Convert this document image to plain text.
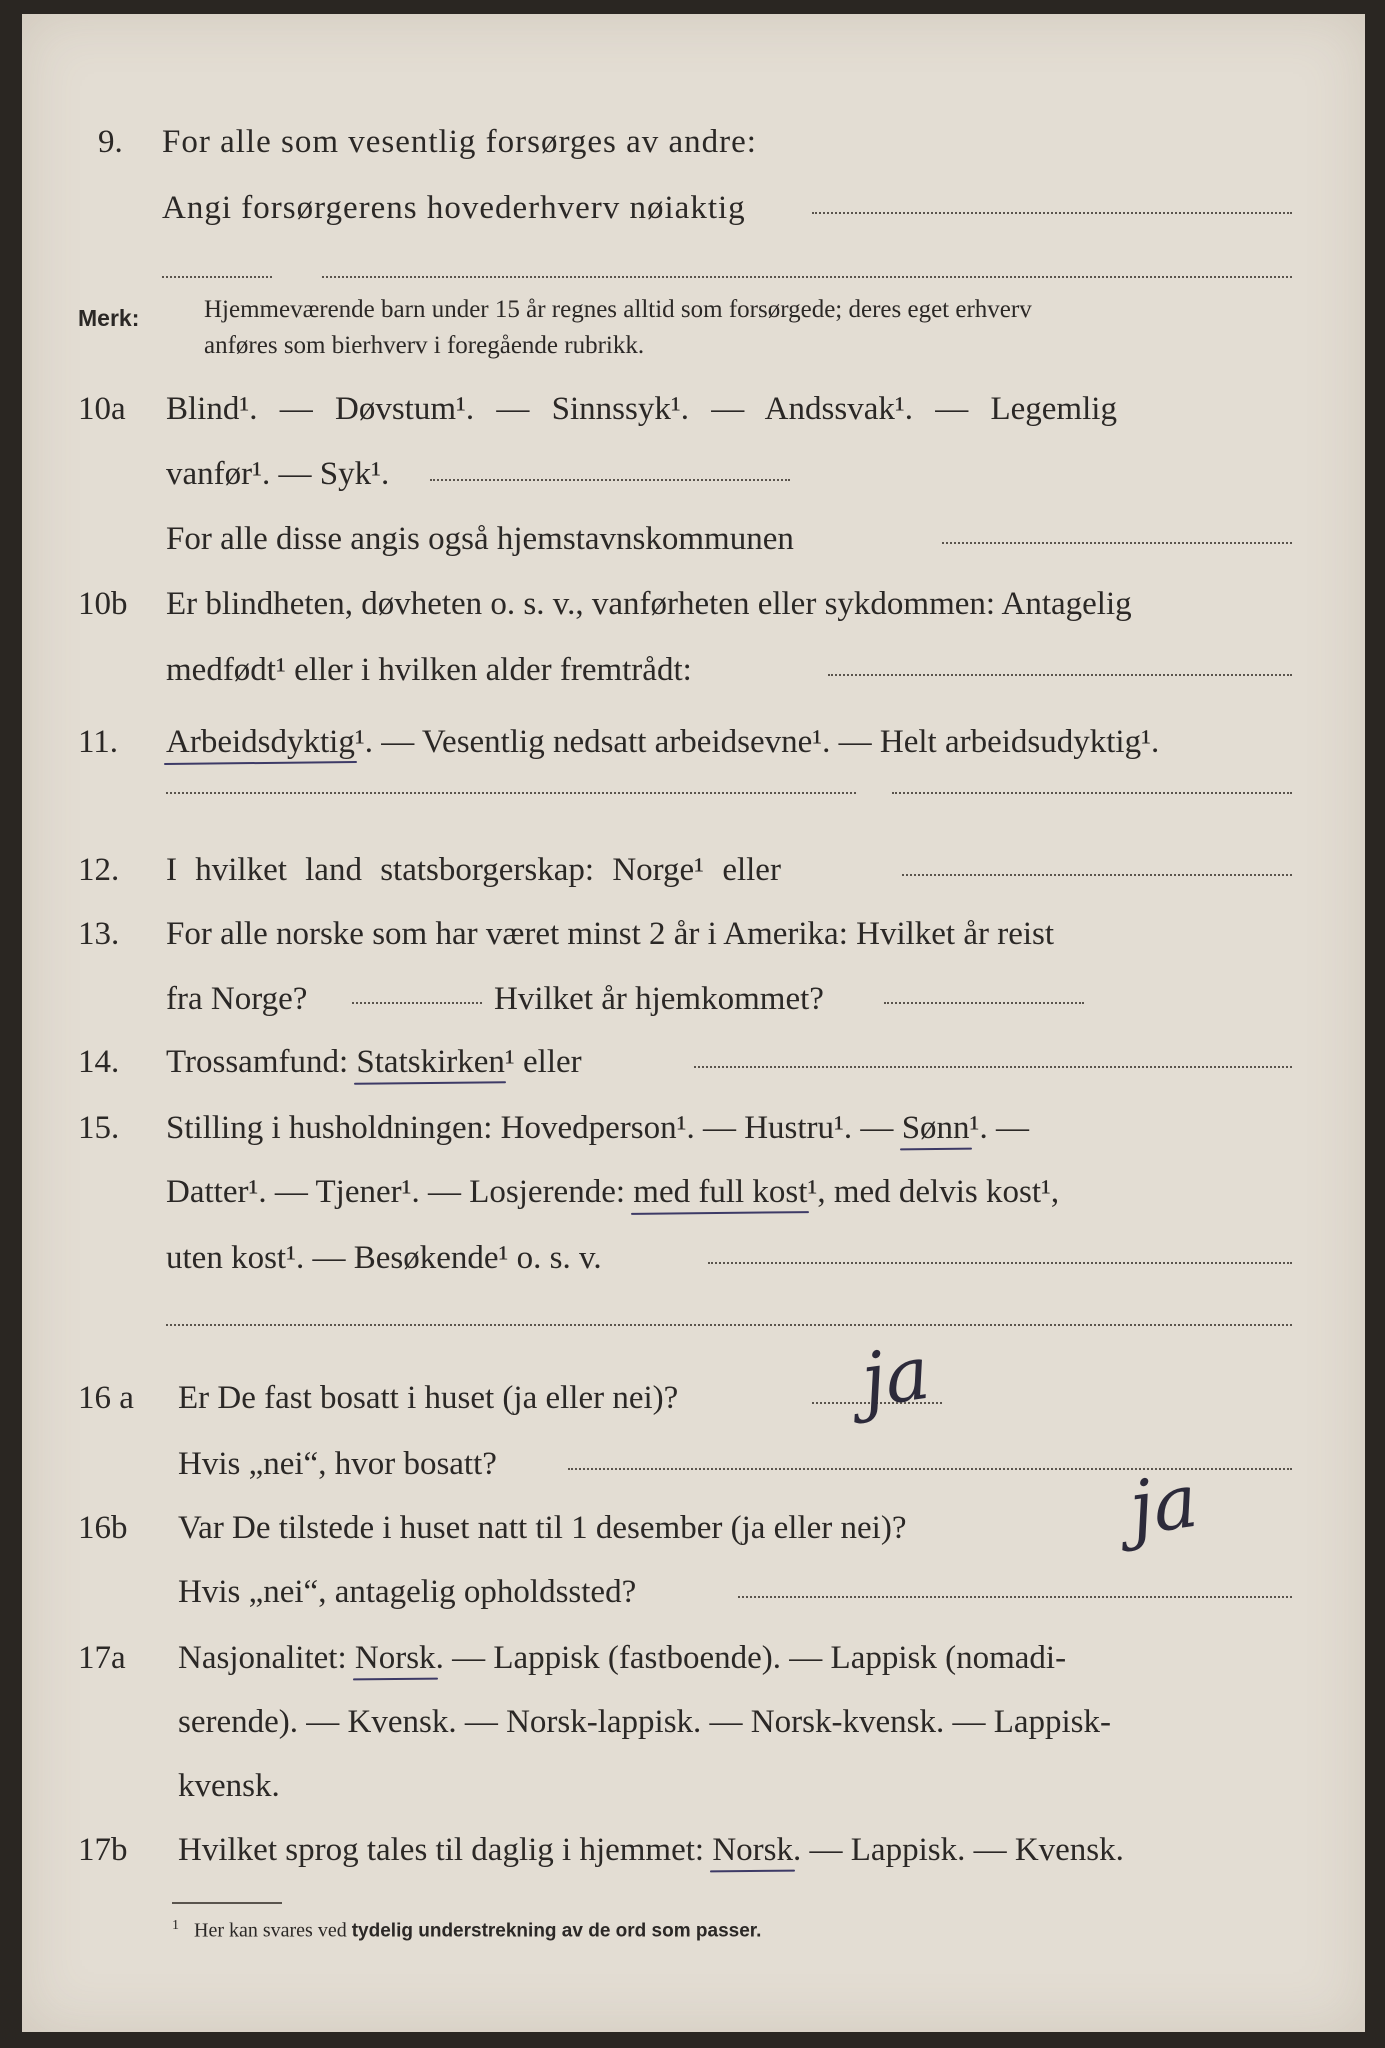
9. For alle som vesentlig forsørges av andre:
Angi forsørgerens hovederhverv nøiaktig
Merk:	Hjemmeværende barn under 15 år regnes alltid som forsørgede; deres eget erhverv
anføres som bierhverv i foregående rubrikk.
10a Blind¹. — Døvstum¹. — Sinnssyk¹. — Andssvak¹. — Legemlig
vanfør¹. — Syk¹.
For alle disse angis også hjemstavnskommunen
10b Er blindheten, døvheten o. s. v., vanførheten eller sykdommen: Antagelig
medfødt¹ eller i hvilken alder fremtrådt:
11. Arbeidsdyktig¹. — Vesentlig nedsatt arbeidsevne¹. — Helt arbeidsudyktig¹.
12. I hvilket land statsborgerskap: Norge¹ eller
13. For alle norske som har været minst 2 år i Amerika: Hvilket år reist
fra Norge?	Hvilket år hjemkommet?
14. Trossamfund: Statskirken¹ eller
15. Stilling i husholdningen: Hovedperson¹. — Hustru¹. — Sønn¹. —
Datter¹. — Tjener¹. — Losjerende: med full kost¹, med delvis kost¹,
uten kost¹. — Besøkende¹ o. s. v.
16 a Er De fast bosatt i huset (ja eller nei)? ja
Hvis „nei“, hvor bosatt?
16b Var De tilstede i huset natt til 1 desember (ja eller nei)?	ja
Hvis „nei“, antagelig opholdssted?
17a Nasjonalitet: Norsk. — Lappisk (fastboende). — Lappisk (nomadi-
serende). — Kvensk. — Norsk-lappisk. — Norsk-kvensk. — Lappisk-
kvensk.
17b Hvilket sprog tales til daglig i hjemmet: Norsk. — Lappisk. — Kvensk.
$^1$ Her kan svares ved tydelig understrekning av de ord som passer.
